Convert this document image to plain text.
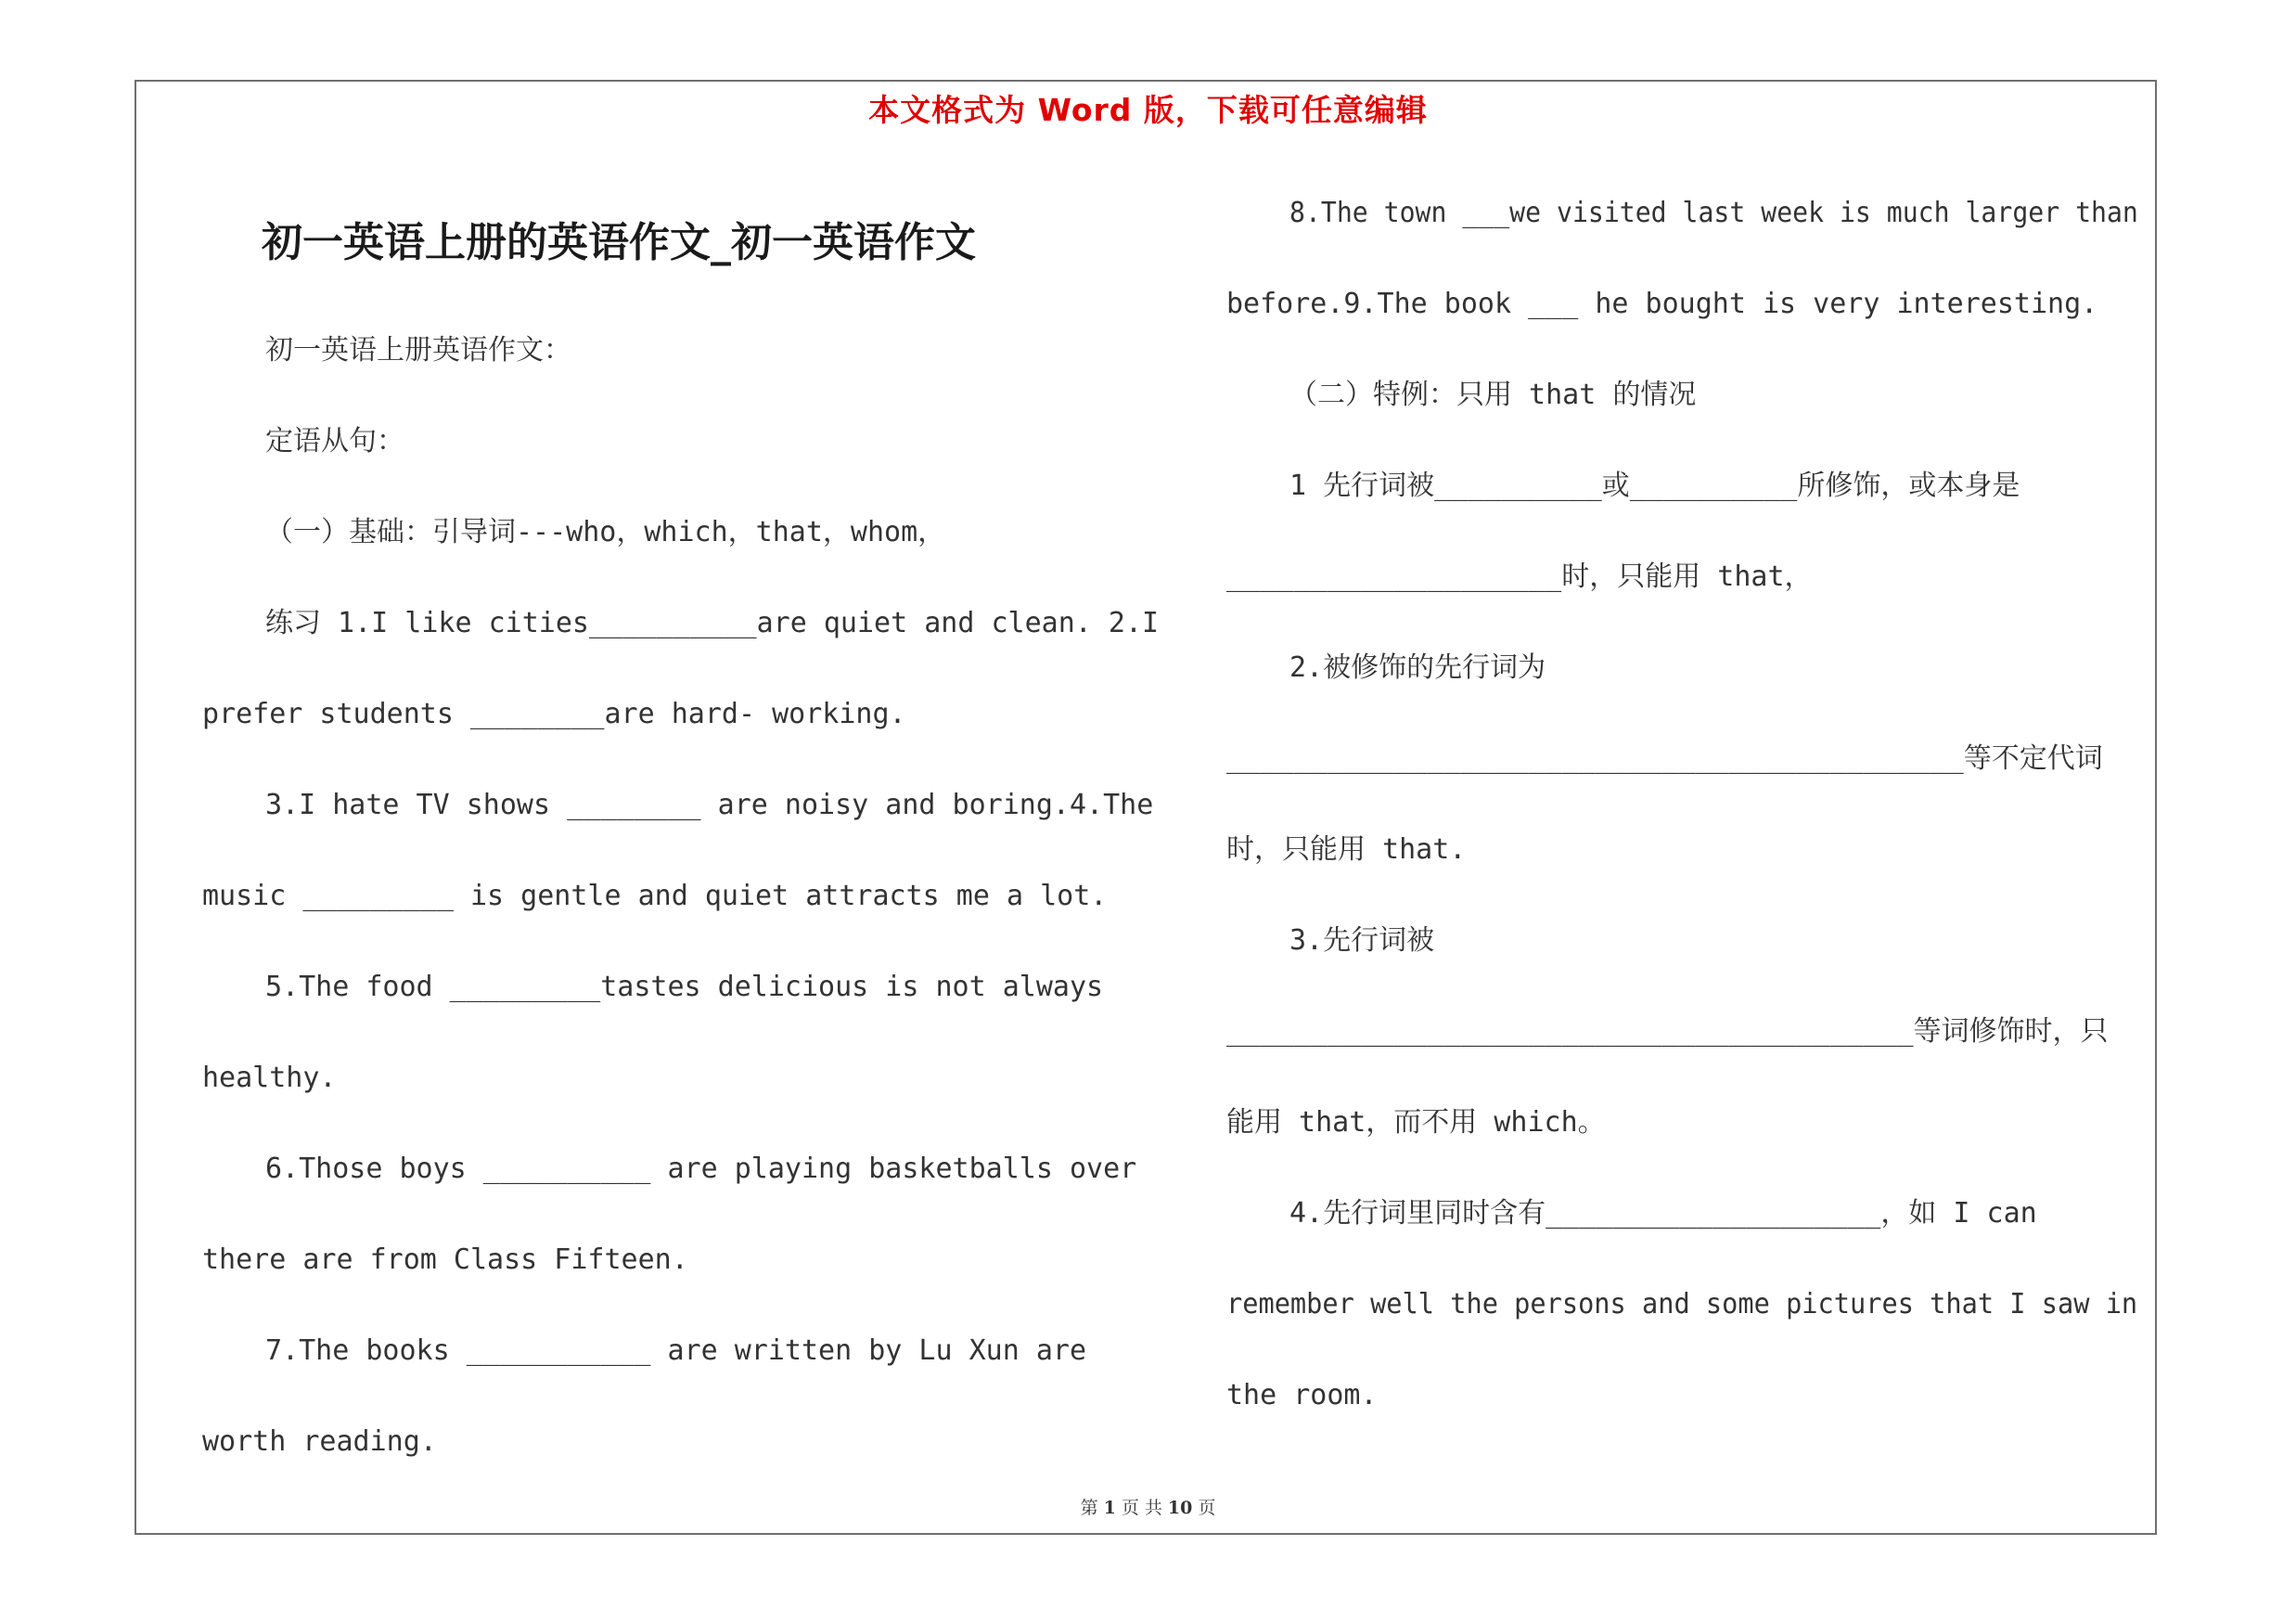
本文格式为 Word 版，下载可任意编辑
初一英语上册的英语作文_初一英语作文
初一英语上册英语作文：
定语从句：
（一）基础：引导词---who，which，that，whom，
练习 1.I like cities__________are quiet and clean. 2.I
prefer students ________are hard- working.
3.I hate TV shows ________ are noisy and boring.4.The
music _________ is gentle and quiet attracts me a lot.
5.The food _________tastes delicious is not always
healthy.
6.Those boys __________ are playing basketballs over
there are from Class Fifteen.
7.The books ___________ are written by Lu Xun are
worth reading.
8.The town ___we visited last week is much larger than
before.9.The book ___ he bought is very interesting.
（二）特例：只用 that 的情况
1 先行词被__________或__________所修饰，或本身是
____________________时，只能用 that，
2.被修饰的先行词为
____________________________________________等不定代词
时，只能用 that.
3.先行词被
_________________________________________等词修饰时，只
能用 that，而不用 which。
4.先行词里同时含有____________________，如 I can
remember well the persons and some pictures that I saw in
the room.
第 1 页 共 10 页
